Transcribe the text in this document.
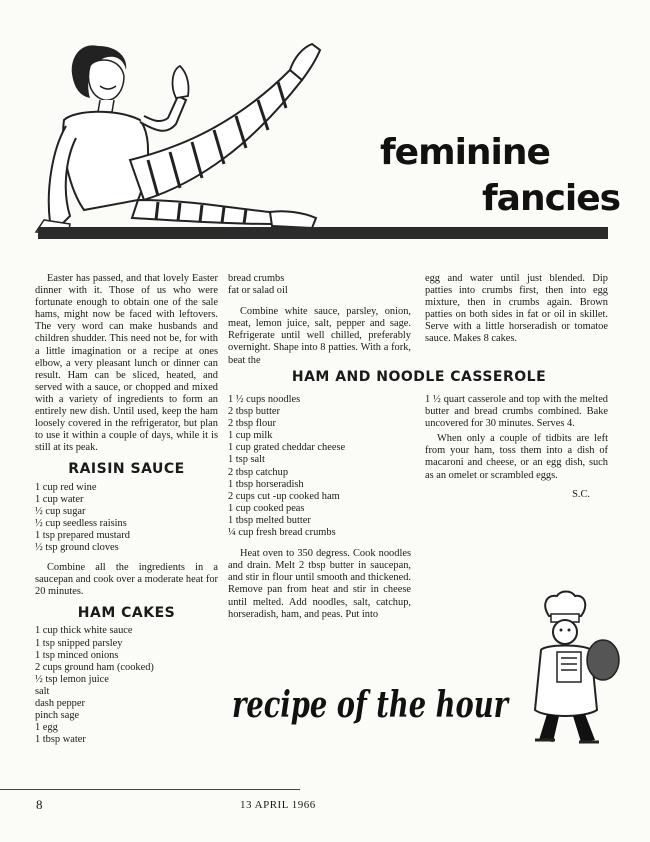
feminine
fancies

Easter has passed, and that lovely Easter dinner with it. Those of us who were fortunate enough to obtain one of the sale hams, might now be faced with leftovers. The very word can make husbands and children shudder. This need not be, for with a little imagination or a recipe at ones elbow, a very pleasant lunch or dinner can result. Ham can be sliced, heated, and served with a sauce, or chopped and mixed with a variety of ingredients to form an entirely new dish. Until used, keep the ham loosely covered in the refrigerator, but plan to use it within a couple of days, while it is still at its peak.

RAISIN SAUCE
1 cup red wine
1 cup water
½ cup sugar
½ cup seedless raisins
1 tsp prepared mustard
½ tsp ground cloves

Combine all the ingredients in a saucepan and cook over a moderate heat for 20 minutes.

HAM CAKES
1 cup thick white sauce
1 tsp snipped parsley
1 tsp minced onions
2 cups ground ham (cooked)
½ tsp lemon juice
salt
dash pepper
pinch sage
1 egg
1 tbsp water
bread crumbs
fat or salad oil

Combine white sauce, parsley, onion, meat, lemon juice, salt, pepper and sage. Refrigerate until well chilled, preferably overnight. Shape into 8 patties. With a fork, beat the

egg and water until just blended. Dip patties into crumbs first, then into egg mixture, then in crumbs again. Brown patties on both sides in fat or oil in skillet. Serve with a little horseradish or tomatoe sauce. Makes 8 cakes.

HAM AND NOODLE CASSEROLE
1 ½ cups noodles
2 tbsp butter
2 tbsp flour
1 cup milk
1 cup grated cheddar cheese
1 tsp salt
2 tbsp catchup
1 tbsp horseradish
2 cups cut -up cooked ham
1 cup cooked peas
1 tbsp melted butter
¼ cup fresh bread crumbs

Heat oven to 350 degress. Cook noodles and drain. Melt 2 tbsp butter in saucepan, and stir in flour until smooth and thickened. Remove pan from heat and stir in cheese until melted. Add noodles, salt, catchup, horseradish, ham, and peas. Put into

1 ½ quart casserole and top with the melted butter and bread crumbs combined. Bake uncovered for 30 minutes. Serves 4.

When only a couple of tidbits are left from your ham, toss them into a dish of macaroni and cheese, or an egg dish, such as an omelet or scrambled eggs.

S.C.
recipe of the hour
8	13 APRIL 1966
